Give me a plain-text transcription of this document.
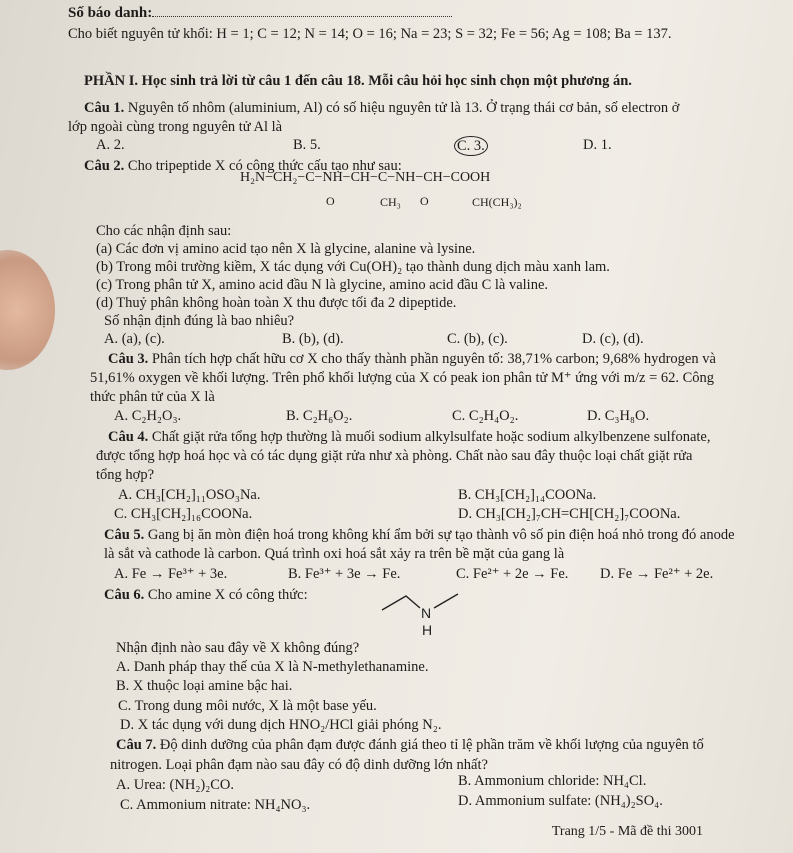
Số báo danh:
Cho biết nguyên tử khối: H = 1; C = 12; N = 14; O = 16; Na = 23; S = 32; Fe = 56; Ag = 108; Ba = 137.
PHẦN I. Học sinh trả lời từ câu 1 đến câu 18. Mỗi câu hỏi học sinh chọn một phương án.
Câu 1. Nguyên tố nhôm (aluminium, Al) có số hiệu nguyên tử là 13. Ở trạng thái cơ bản, số electron ở
lớp ngoài cùng trong nguyên tử Al là
A. 2.	B. 5.	C. 3.	D. 1.
Câu 2. Cho tripeptide X có công thức cấu tạo như sau:
H₂N−CH₂−C−NH−CH−C−NH−CH−COOH
O	CH₃ O	CH(CH₃)₂
Cho các nhận định sau:
(a) Các đơn vị amino acid tạo nên X là glycine, alanine và lysine.
(b) Trong môi trường kiềm, X tác dụng với Cu(OH)₂ tạo thành dung dịch màu xanh lam.
(c) Trong phân tử X, amino acid đầu N là glycine, amino acid đầu C là valine.
(d) Thuỷ phân không hoàn toàn X thu được tối đa 2 dipeptide.
Số nhận định đúng là bao nhiêu?
A. (a), (c).	B. (b), (d).	C. (b), (c).	D. (c), (d).
Câu 3. Phân tích hợp chất hữu cơ X cho thấy thành phần nguyên tố: 38,71% carbon; 9,68% hydrogen và
51,61% oxygen về khối lượng. Trên phổ khối lượng của X có peak ion phân tử M⁺ ứng với m/z = 62. Công
thức phân tử của X là
A. C₂H₂O₃.	B. C₂H₆O₂.	C. C₂H₄O₂.	D. C₃H₈O.
Câu 4. Chất giặt rửa tổng hợp thường là muối sodium alkylsulfate hoặc sodium alkylbenzene sulfonate,
được tổng hợp hoá học và có tác dụng giặt rửa như xà phòng. Chất nào sau đây thuộc loại chất giặt rửa
tổng hợp?
A. CH₃[CH₂]₁₁OSO₃Na.	B. CH₃[CH₂]₁₄COONa.
C. CH₃[CH₂]₁₆COONa.	D. CH₃[CH₂]₇CH=CH[CH₂]₇COONa.
Câu 5. Gang bị ăn mòn điện hoá trong không khí ẩm bởi sự tạo thành vô số pin điện hoá nhỏ trong đó anode
là sắt và cathode là carbon. Quá trình oxi hoá sắt xảy ra trên bề mặt của gang là
A. Fe → Fe³⁺ + 3e.	B. Fe³⁺ + 3e → Fe.	C. Fe²⁺ + 2e → Fe. D. Fe → Fe²⁺ + 2e.
Câu 6. Cho amine X có công thức:
N
H
Nhận định nào sau đây về X không đúng?
A. Danh pháp thay thế của X là N-methylethanamine.
B. X thuộc loại amine bậc hai.
C. Trong dung môi nước, X là một base yếu.
D. X tác dụng với dung dịch HNO₂/HCl giải phóng N₂.
Câu 7. Độ dinh dưỡng của phân đạm được đánh giá theo tỉ lệ phần trăm về khối lượng của nguyên tố
nitrogen. Loại phân đạm nào sau đây có độ dinh dưỡng lớn nhất?
A. Urea: (NH₂)₂CO.	B. Ammonium chloride: NH₄Cl.
C. Ammonium nitrate: NH₄NO₃.	D. Ammonium sulfate: (NH₄)₂SO₄.
Trang 1/5 - Mã đề thi 3001
